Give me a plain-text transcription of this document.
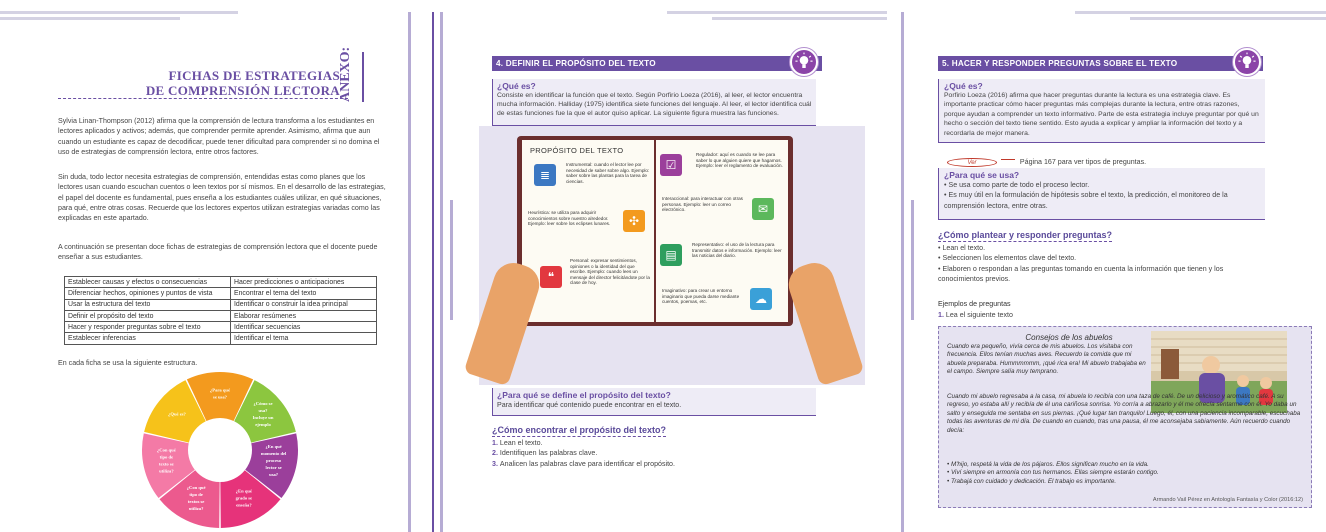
FICHAS DE ESTRATEGIAS
DE COMPRENSIÓN LECTORA
ANEXO:

Sylvia Linan-Thompson (2012) afirma que la comprensión de lectura transforma a los estudiantes en lectores aplicados y activos; además, que comprender permite aprender. Asimismo, afirma que aun cuando un estudiante es capaz de decodificar, puede tener dificultad para comprender si no domina el uso de estrategias de comprensión lectora, entre otros factores.

Sin duda, todo lector necesita estrategias de comprensión, entendidas estas como planes que los lectores usan cuando escuchan cuentos o leen textos por sí mismos. En el desarrollo de las estrategias, el papel del docente es fundamental, pues enseña a los estudiantes cuáles utilizar, en qué situaciones, para qué, entre otras cosas. Recuerde que los lectores expertos utilizan estrategias variadas como las explicadas en este apartado.

A continuación se presentan doce fichas de estrategias de comprensión lectora que el docente puede enseñar a sus estudiantes.

Establecer causas y efectos o consecuencias	Hacer predicciones o anticipaciones
Diferenciar hechos, opiniones y puntos de vista	Encontrar el tema del texto
Usar la estructura del texto	Identificar o construir la idea principal
Definir el propósito del texto	Elaborar resúmenes
Hacer y responder preguntas sobre el texto	Identificar secuencias
Establecer inferencias	Identificar el tema

En cada ficha se usa la siguiente estructura.

¿Para qué se usa?
¿Cómo se usa? Incluye un ejemplo
¿En qué momento del proceso lector se usa?
¿En qué grado se enseña?
¿Con qué tipo de textos se utiliza?
¿Con qué tipo de texto se utiliza?
¿Qué es?
4. DEFINIR EL PROPÓSITO DEL TEXTO
¿Qué es?

Consiste en identificar la función que el texto. Según Porfirio Loeza (2016), al leer, el lector encuentra mucha información. Halliday (1975) identifica siete funciones del lenguaje. Al leer, el lector identifica cuál de estas funciones fue la que el autor quiso aplicar. La siguiente figura muestra las funciones.

PROPÓSITO DEL TEXTO
≣
Instrumental: cuando el lector lee por necesidad de saber sobre algo. Ejemplo: saber sobre las plantas para la tarea de ciencias.
✣
Heurística: se utiliza para adquirir conocimientos sobre nuestro alrededor. Ejemplo: leer sobre los eclipses lunares.
❝
Personal: expresar sentimientos, opiniones o la identidad del que escribe. Ejemplo: cuando lees un mensaje del director felicitándote por la clase de hoy.
☑
Regulador: aquí es cuando se lee para saber lo que alguien quiere que hagamos. Ejemplo: leer el reglamento de evaluación.
Interaccional: para interactuar con otras personas. Ejemplo: leer un correo electrónico.	✉
▤
Representativo: el uso de la lectura para transmitir datos e información. Ejemplo: leer las noticias del diario.
Imaginativo: para crear un entorno imaginario que pueda darse mediante cuentos, poemas, etc.	☁
¿Para qué se define el propósito del texto?

Para identificar qué contenido puede encontrar en el texto.

¿Cómo encontrar el propósito del texto?
1. Lean el texto.
2. Identifiquen las palabras clave.
3. Analicen las palabras clave para identificar el propósito.
5. HACER Y RESPONDER PREGUNTAS SOBRE EL TEXTO
¿Qué es?

Porfirio Loeza (2016) afirma que hacer preguntas durante la lectura es una estrategia clave. Es importante practicar cómo hacer preguntas más complejas durante la lectura, entre otras razones, porque ayudan a comprender un texto informativo. Parte de esta estrategia incluye preguntar por qué un hecho o sección del texto tiene sentido. Esto ayuda a explicar y ampliar la información del texto y a recordarla de mejor manera.

Ver	Página 167 para ver tipos de preguntas.
¿Para qué se usa?
• Se usa como parte de todo el proceso lector.
• Es muy útil en la formulación de hipótesis sobre el texto, la predicción, el monitoreo de la comprensión lectora, entre otras.
¿Cómo plantear y responder preguntas?
• Lean el texto.
• Seleccionen los elementos clave del texto.
• Elaboren o respondan a las preguntas tomando en cuenta la información que tienen y los conocimientos previos.
Ejemplos de preguntas
1. Lea el siguiente texto
Consejos de los abuelos
Cuando era pequeño, vivía cerca de mis abuelos. Los visitaba con frecuencia. Ellos tenían muchas aves. Recuerdo la comida que mi abuela preparaba. Hummmmmm, ¡qué rica era! Mi abuelo trabajaba en el campo. Siempre salía muy temprano.
Cuando mi abuelo regresaba a la casa, mi abuela lo recibía con una taza de café. De un delicioso y aromático café. A su regreso, yo estaba allí y recibía de él una cariñosa sonrisa. Yo corría a abrazarlo y él me ofrecía sentarme con él. Yo daba un salto y enseguida me sentaba en sus piernas. ¡Qué lugar tan tranquilo! Luego, él, con una paciencia incomparable, escuchaba todas las aventuras de mi día. De cuando en cuando, tras una pausa, él me aconsejaba sabiamente. Aún recuerdo cuando decía:
• M'hijo, respetá la vida de los pájaros. Ellos significan mucho en la vida.
• Viví siempre en armonía con tus hermanos. Ellas siempre estarán contigo.
• Trabajá con cuidado y dedicación. El trabajo es importante.
Armando Vail Pérez en Antología Fantasía y Color (2016:12)
